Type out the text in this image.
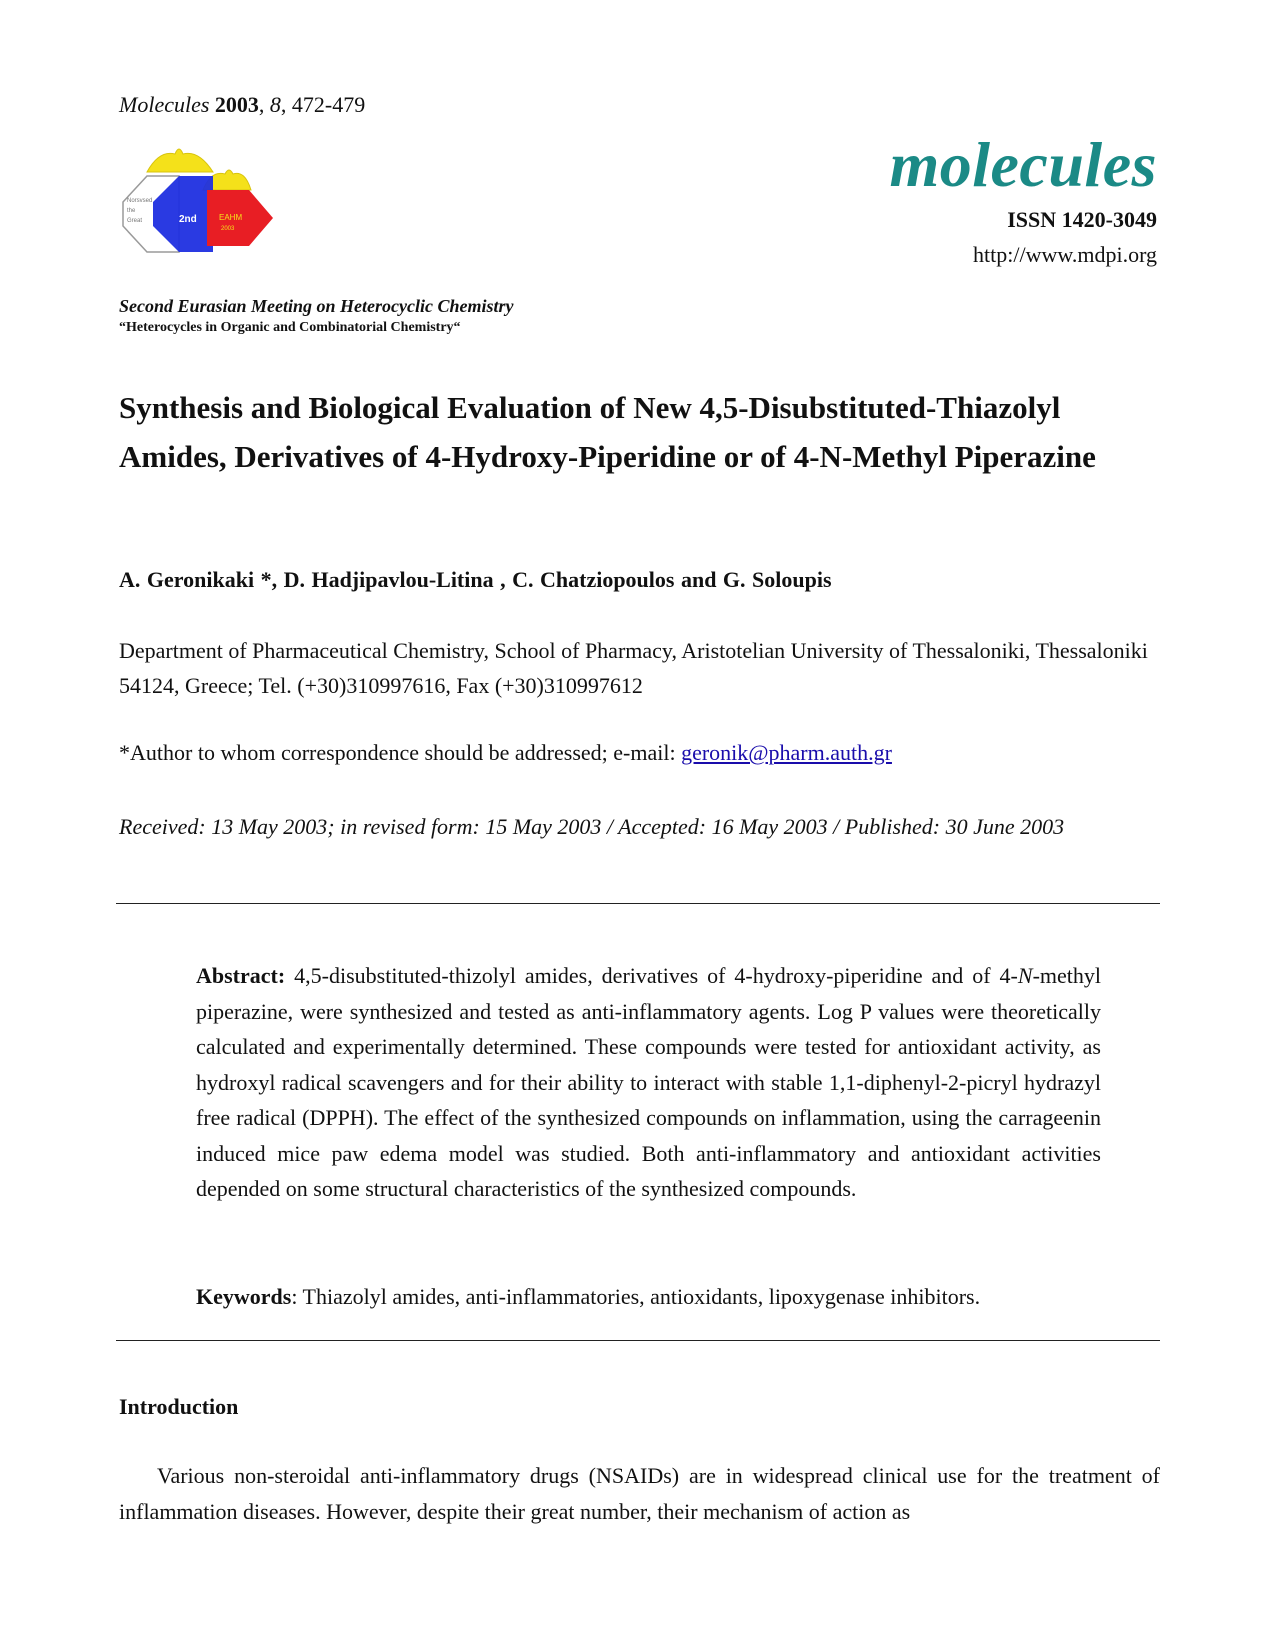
Molecules 2003, 8, 472-479
Norsvsed
the
Great	2nd	EAHM
2003
molecules
ISSN 1420-3049
http://www.mdpi.org
Second Eurasian Meeting on Heterocyclic Chemistry
“Heterocycles in Organic and Combinatorial Chemistry“
Synthesis and Biological Evaluation of New 4,5-Disubstituted-Thiazolyl Amides, Derivatives of 4-Hydroxy-Piperidine or of 4-N-Methyl Piperazine
A. Geronikaki *, D. Hadjipavlou-Litina , C. Chatziopoulos and G. Soloupis
Department of Pharmaceutical Chemistry, School of Pharmacy, Aristotelian University of Thessaloniki, Thessaloniki 54124, Greece; Tel. (+30)310997616, Fax (+30)310997612
*Author to whom correspondence should be addressed; e-mail: geronik@pharm.auth.gr
Received: 13 May 2003; in revised form: 15 May 2003 / Accepted: 16 May 2003 / Published: 30 June 2003
Abstract: 4,5-disubstituted-thizolyl amides, derivatives of 4-hydroxy-piperidine and of 4-N-methyl piperazine, were synthesized and tested as anti-inflammatory agents. Log P values were theoretically calculated and experimentally determined. These compounds were tested for antioxidant activity, as hydroxyl radical scavengers and for their ability to interact with stable 1,1-diphenyl-2-picryl hydrazyl free radical (DPPH). The effect of the synthesized compounds on inflammation, using the carrageenin induced mice paw edema model was studied. Both anti-inflammatory and antioxidant activities depended on some structural characteristics of the synthesized compounds.
Keywords: Thiazolyl amides, anti-inflammatories, antioxidants, lipoxygenase inhibitors.
Introduction
Various non-steroidal anti-inflammatory drugs (NSAIDs) are in widespread clinical use for the treatment of inflammation diseases. However, despite their great number, their mechanism of action as
